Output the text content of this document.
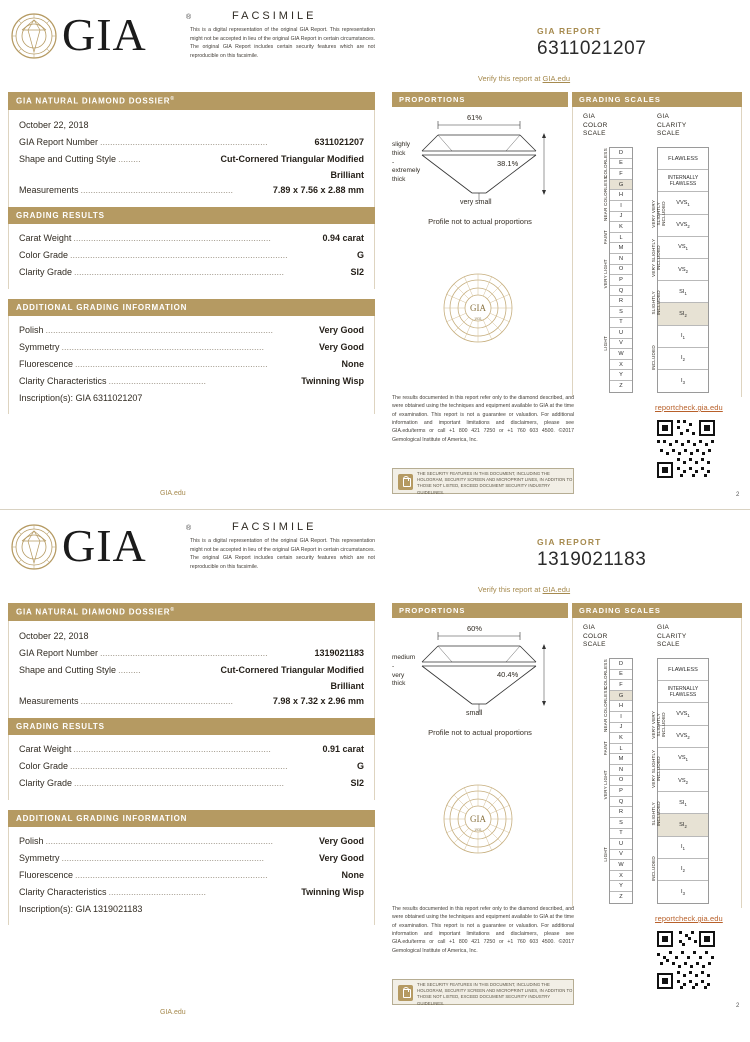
GIA	®	FACSIMILE
This is a digital representation of the original GIA Report. This representation might not be accepted in lieu of the original GIA Report in certain circumstances. The original GIA Report includes certain security features which are not reproducible on this facsimile.
GIA REPORT
6311021207
Verify this report at GIA.edu
GIA NATURAL DIAMOND DOSSIER®
October 22, 2018
GIA Report Number ...................................................................	6311021207
Shape and Cutting Style .........	Cut-Cornered Triangular Modified
Brilliant
Measurements .............................................................	7.89 x 7.56 x 2.88 mm
GRADING RESULTS
Carat Weight ...............................................................................	0.94 carat
Color Grade .......................................................................................	G
Clarity Grade ....................................................................................	SI2
ADDITIONAL GRADING INFORMATION
Polish ...........................................................................................	Very Good
Symmetry .................................................................................	Very Good
Fluorescence .............................................................................	None
Clarity Characteristics .......................................	Twinning Wisp
Inscription(s): GIA 6311021207
PROPORTIONS
61%
38.1%
slighly
thick
-
extremely
thick
very small
Profile not to actual proportions
GIA
1931
GRADING SCALES
GIA
COLOR
SCALE
GIA
CLARITY
SCALE
D
E
F
G
H
I
J
K
L
M
N
O
P
Q
R
S
T
U
V
W
X
Y
Z
COLORLESS
NEAR COLORLESS
FAINT
VERY LIGHT
LIGHT
FLAWLESS
INTERNALLY
FLAWLESS
$VVS_1$
$VVS_2$
$VS_1$
$VS_2$
$SI_1$
$SI_2$
$I_1$
$I_2$
$I_3$
VERY VERY SLIGHTLY INCLUDED
VERY SLIGHTLY INCLUDED
SLIGHTLY INCLUDED
INCLUDED
The results documented in this report refer only to the diamond described, and were obtained using the techniques and equipment available to GIA at the time of examination. This report is not a guarantee or valuation. For additional information and important limitations and disclaimers, please see GIA.edu/terms or call +1 800 421 7250 or +1 760 603 4500. ©2017 Gemological Institute of America, Inc.
THE SECURITY FEATURES IN THIS DOCUMENT, INCLUDING THE HOLOGRAM, SECURITY SCREEN AND MICROPRINT LINES, IN ADDITION TO THOSE NOT LISTED, EXCEED DOCUMENT SECURITY INDUSTRY GUIDELINES.
reportcheck.gia.edu
2
GIA.edu
GIA	®	FACSIMILE
This is a digital representation of the original GIA Report. This representation might not be accepted in lieu of the original GIA Report in certain circumstances. The original GIA Report includes certain security features which are not reproducible on this facsimile.
GIA REPORT
1319021183
Verify this report at GIA.edu
GIA NATURAL DIAMOND DOSSIER®
October 22, 2018
GIA Report Number ...................................................................	1319021183
Shape and Cutting Style .........	Cut-Cornered Triangular Modified
Brilliant
Measurements .............................................................	7.98 x 7.32 x 2.96 mm
GRADING RESULTS
Carat Weight ...............................................................................	0.91 carat
Color Grade .......................................................................................	G
Clarity Grade ....................................................................................	SI2
ADDITIONAL GRADING INFORMATION
Polish ...........................................................................................	Very Good
Symmetry .................................................................................	Very Good
Fluorescence .............................................................................	None
Clarity Characteristics .......................................	Twinning Wisp
Inscription(s): GIA 1319021183
PROPORTIONS
60%
40.4%
medium
-
very
thick
small
Profile not to actual proportions
GIA
1931
GRADING SCALES
GIA
COLOR
SCALE
GIA
CLARITY
SCALE
D
E
F
G
H
I
J
K
L
M
N
O
P
Q
R
S
T
U
V
W
X
Y
Z
COLORLESS
NEAR COLORLESS
FAINT
VERY LIGHT
LIGHT
FLAWLESS
INTERNALLY
FLAWLESS
$VVS_1$
$VVS_2$
$VS_1$
$VS_2$
$SI_1$
$SI_2$
$I_1$
$I_2$
$I_3$
VERY VERY SLIGHTLY INCLUDED
VERY SLIGHTLY INCLUDED
SLIGHTLY INCLUDED
INCLUDED
The results documented in this report refer only to the diamond described, and were obtained using the techniques and equipment available to GIA at the time of examination. This report is not a guarantee or valuation. For additional information and important limitations and disclaimers, please see GIA.edu/terms or call +1 800 421 7250 or +1 760 603 4500. ©2017 Gemological Institute of America, Inc.
THE SECURITY FEATURES IN THIS DOCUMENT, INCLUDING THE HOLOGRAM, SECURITY SCREEN AND MICROPRINT LINES, IN ADDITION TO THOSE NOT LISTED, EXCEED DOCUMENT SECURITY INDUSTRY GUIDELINES.
reportcheck.gia.edu
2
GIA.edu
